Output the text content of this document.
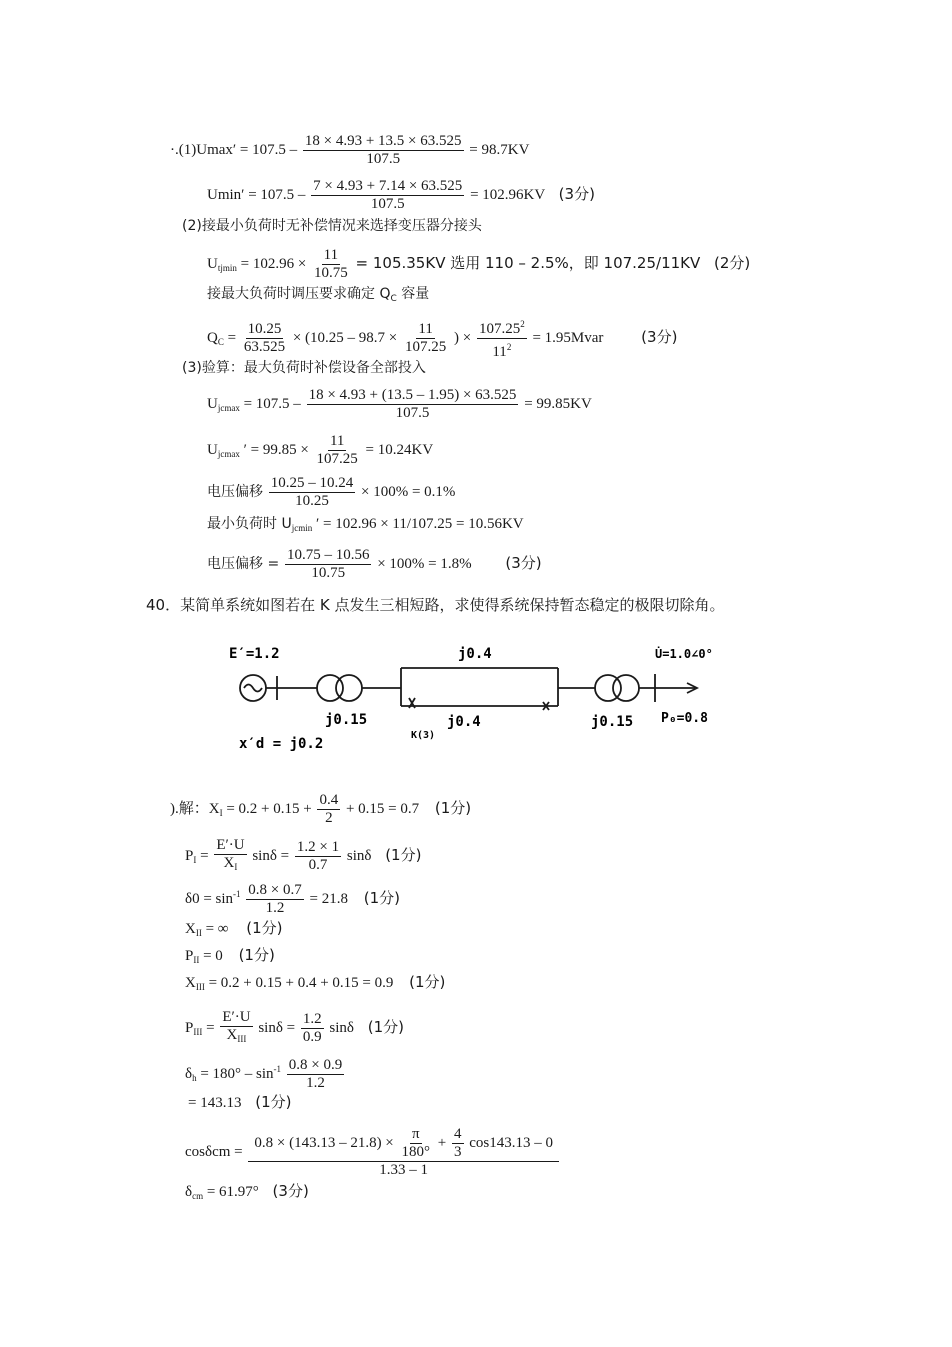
$\cdot.(1)Umax' = 107.5 - \frac{18 \times 4.93 + 13.5 \times 63.525}{107.5} = 98.7KV$
$Umin' = 107.5 - \frac{7 \times 4.93 + 7.14 \times 63.525}{107.5} = 102.96KV$ (3分)
(2)接最小负荷时无补偿情况来选择变压器分接头
$U_{tjmin} = 102.96 \times \frac{11}{10.75} = 105.35KV$ 选用 110 – 2.5%，即 107.25/11KV (2分)
接最大负荷时调压要求确定 $Q_C$ 容量
$Q_C = \frac{10.25}{63.525} \times (10.25 - 98.7 \times \frac{11}{107.25}$ ) × $\frac{107.25^2}{11^2}$ = 1.95Mvar	(3分)
(3)验算：最大负荷时补偿设备全部投入
$U_{jcmax} = 107.5 - \frac{18 \times 4.93 + (13.5 - 1.95) \times 63.525}{107.5} = 99.85KV$
$U_{jcmax}$ ′ = $99.85 \times \frac{11}{107.25} = 10.24KV$
电压偏移 $\frac{10.25 - 10.24}{10.25} \times 100\% = 0.1\%$
最小负荷时 $U_{jcmin}$ ′ = 102.96 × 11/107.25 = 10.56KV
电压偏移 = $\frac{10.75 - 10.56}{10.75} \times 100\% = 1.8\%$ (3分)
40．某简单系统如图若在 K 点发生三相短路，求使得系统保持暂态稳定的极限切除角。
E′=1.2
x′d = j0.2
j0.15
j0.4
j0.4
K(3)
j0.15
U̇=1.0∠0°
P₀=0.8
).解：$X_I = 0.2 + 0.15 + \frac{0.4}{2} + 0.15 = 0.7$ (1分)
$P_I = \frac{E'\cdot U}{X_I}$ $\sin\delta = \frac{1.2 \times 1}{0.7}$ sinδ (1分)
$\delta 0 = \sin^{-1} \frac{0.8 \times 0.7}{1.2} = 21.8$ (1分)
$X_{II}$ = ∞ (1分)
$P_{II} = 0$ (1分)
$X_{III} = 0.2 + 0.15 + 0.4 + 0.15 = 0.9$ (1分)
$P_{III} = \frac{E'\cdot U}{X_{III}}$ $\sin\delta = \frac{1.2}{0.9}$ sinδ (1分)
$\delta_h = 180^\circ - \sin^{-1} \frac{0.8 \times 0.9}{1.2}$
= 143.13 (1分)
cosδcm =
$0.8 \times (143.13 - 21.8) \times \frac{\pi}{180^\circ} + \frac{4}{3} \cos 143.13 - 0$
1.33 – 1
$\delta_{cm} = 61.97^\circ$ (3分)
